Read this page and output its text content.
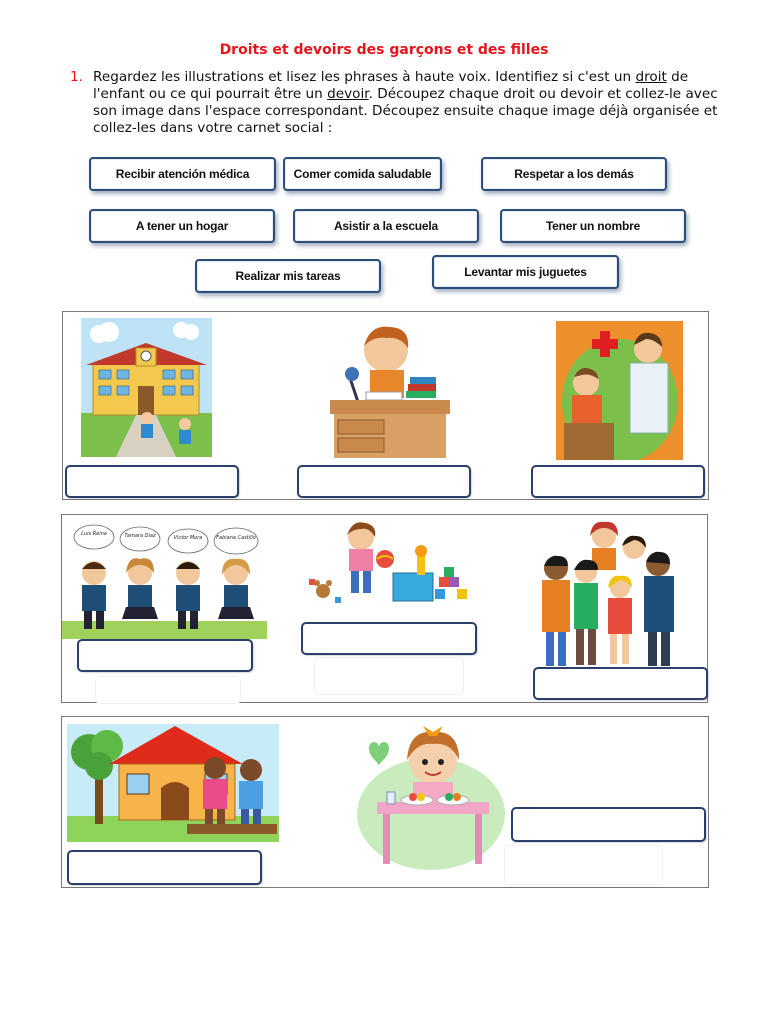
Droits et devoirs des garçons et des filles
1. Regardez les illustrations et lisez les phrases à haute voix. Identifiez si c'est un droit de l'enfant ou ce qui pourrait être un devoir. Découpez chaque droit ou devoir et collez-le avec son image dans l'espace correspondant. Découpez ensuite chaque image déjà organisée et collez-les dans votre carnet social :
Recibir atención médica	Comer comida saludable	Respetar a los demás
A tener un hogar	Asistir a la escuela	Tener un nombre
Realizar mis tareas	Levantar mis juguetes
Luis Reina	Tamara Diaz	Victor Mora	Fabiana Castillo
